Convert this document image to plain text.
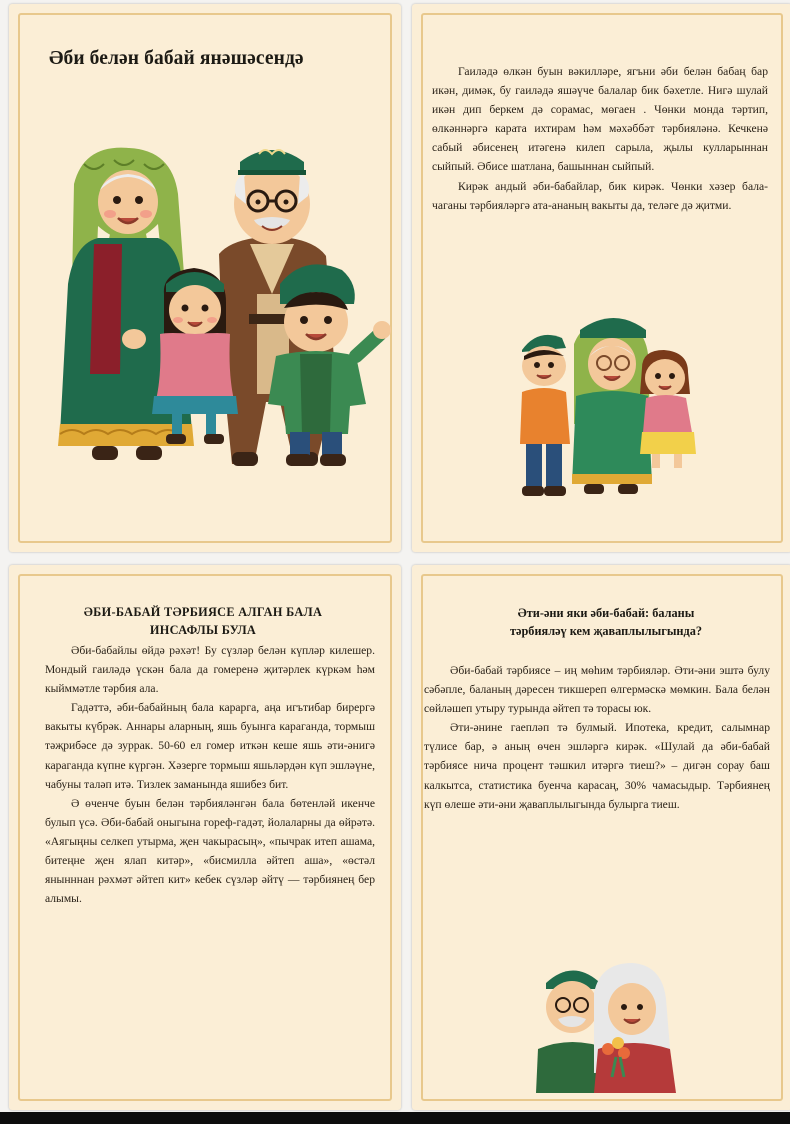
Әби белән бабай янәшәсендә

Гаиләдә өлкән буын вәкилләре, ягъни әби белән бабаң бар икән, димәк, бу гаиләдә яшәүче балалар бик бәхетле. Нигә шулай икән дип беркем дә сорамас, мөгаен . Чөнки монда тәртип, өлкәннәргә карата ихтирам һәм мәхәббәт тәрбияләнә. Кечкенә сабый әбисенең итәгенә килеп сарыла, җылы кулларыннан сыйпый. Әбисе шатлана, башыннан сыйпый.

Кирәк андый әби-бабайлар, бик кирәк. Чөнки хәзер бала-чаганы тәрбияләргә ата-ананың вакыты да, теләге дә җитми.

ӘБИ-БАБАЙ ТӘРБИЯСЕ АЛГАН БАЛА
ИНСАФЛЫ БУЛА

Әби-бабайлы өйдә рәхәт! Бу сүзләр белән күпләр килешер. Мондый гаиләдә үскән бала да гомеренә җитәрлек күркәм һәм кыйммәтле тәрбия ала.

Гадәттә, әби-бабайның бала карарга, аңа игътибар бирергә вакыты күбрәк. Аннары аларның, яшь буынга караганда, тормыш тәҗрибәсе дә зуррак. 50-60 ел гомер иткән кеше яшь әти-әнигә караганда күпне күргән. Хәзерге тормыш яшьләрдән күп эшләүне, чабуны таләп итә. Тизлек заманында яшибез бит.

Ә өченче буын белән тәрбияләнгән бала бөтенләй икенче булып үсә. Әби-бабай оныгына гореф-гадәт, йолаларны да өйрәтә. «Аягыңны селкеп утырма, җен чакырасың», «пычрак итеп ашама, битеңне җен ялап китәр», «бисмилла әйтеп аша», «өстәл янынннан рәхмәт әйтеп кит» кебек сүзләр әйтү — тәрбиянең бер алымы.

Әти-әни яки әби-бабай: баланы
тәрбияләү кем җаваплылыгында?

Әби-бабай тәрбиясе – иң мөһим тәрбияләр. Әти-әни эштә булу сәбәпле, баланың дәресен тикшереп өлгермәскә мөмкин. Бала белән сөйләшеп утыру турында әйтеп тә торасы юк.

Әти-әнине гаепләп тә булмый. Ипотека, кредит, салымнар түлисе бар, ә аның өчен эшләргә кирәк. «Шулай да әби-бабай тәрбиясе нича процент тәшкил итәргә тиеш?» – дигән сорау баш калкытса, статистика буенча карасаң, 30% чамасыдыр. Тәрбиянең күп өлеше әти-әни җаваплылыгында булырга тиеш.
